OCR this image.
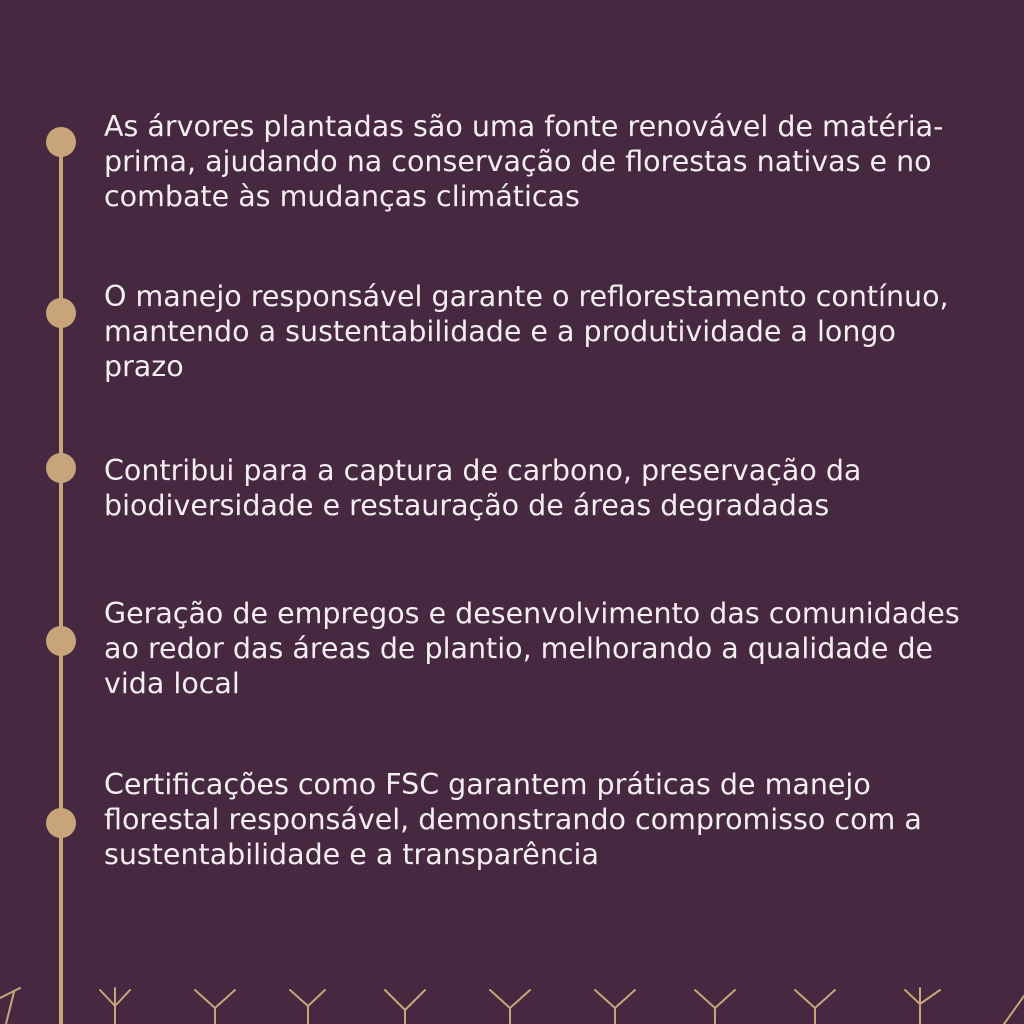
As árvores plantadas são uma fonte renovável de matéria-prima, ajudando na conservação de florestas nativas e no combate às mudanças climáticas

O manejo responsável garante o reflorestamento contínuo, mantendo a sustentabilidade e a produtividade a longo prazo

Contribui para a captura de carbono, preservação da biodiversidade e restauração de áreas degradadas

Geração de empregos e desenvolvimento das comunidades ao redor das áreas de plantio, melhorando a qualidade de vida local

Certificações como FSC garantem práticas de manejo florestal responsável, demonstrando compromisso com a sustentabilidade e a transparência
